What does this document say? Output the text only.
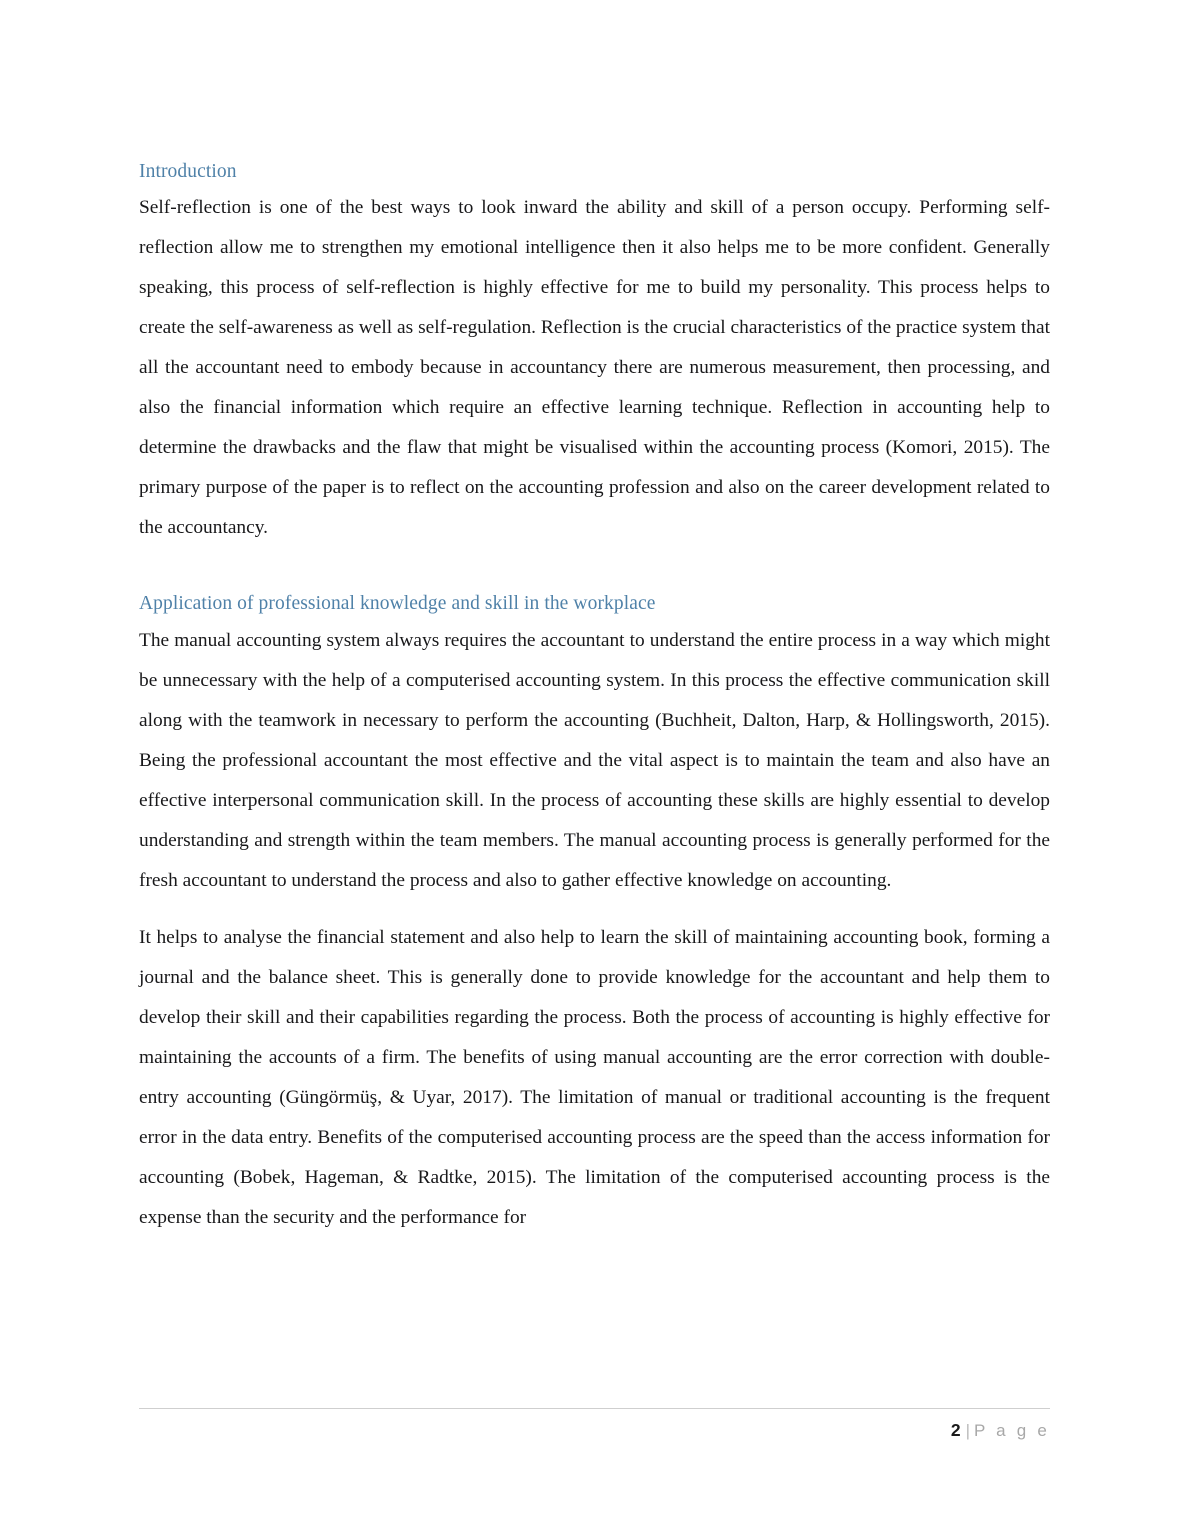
Introduction

Self-reflection is one of the best ways to look inward the ability and skill of a person occupy. Performing self-reflection allow me to strengthen my emotional intelligence then it also helps me to be more confident. Generally speaking, this process of self-reflection is highly effective for me to build my personality. This process helps to create the self-awareness as well as self-regulation. Reflection is the crucial characteristics of the practice system that all the accountant need to embody because in accountancy there are numerous measurement, then processing, and also the financial information which require an effective learning technique. Reflection in accounting help to determine the drawbacks and the flaw that might be visualised within the accounting process (Komori, 2015). The primary purpose of the paper is to reflect on the accounting profession and also on the career development related to the accountancy.

Application of professional knowledge and skill in the workplace

The manual accounting system always requires the accountant to understand the entire process in a way which might be unnecessary with the help of a computerised accounting system. In this process the effective communication skill along with the teamwork in necessary to perform the accounting (Buchheit, Dalton, Harp, & Hollingsworth, 2015). Being the professional accountant the most effective and the vital aspect is to maintain the team and also have an effective interpersonal communication skill. In the process of accounting these skills are highly essential to develop understanding and strength within the team members. The manual accounting process is generally performed for the fresh accountant to understand the process and also to gather effective knowledge on accounting.

It helps to analyse the financial statement and also help to learn the skill of maintaining accounting book, forming a journal and the balance sheet. This is generally done to provide knowledge for the accountant and help them to develop their skill and their capabilities regarding the process. Both the process of accounting is highly effective for maintaining the accounts of a firm. The benefits of using manual accounting are the error correction with double-entry accounting (Güngörmüş, & Uyar, 2017). The limitation of manual or traditional accounting is the frequent error in the data entry. Benefits of the computerised accounting process are the speed than the access information for accounting (Bobek, Hageman, & Radtke, 2015). The limitation of the computerised accounting process is the expense than the security and the performance for

2 | P a g e
